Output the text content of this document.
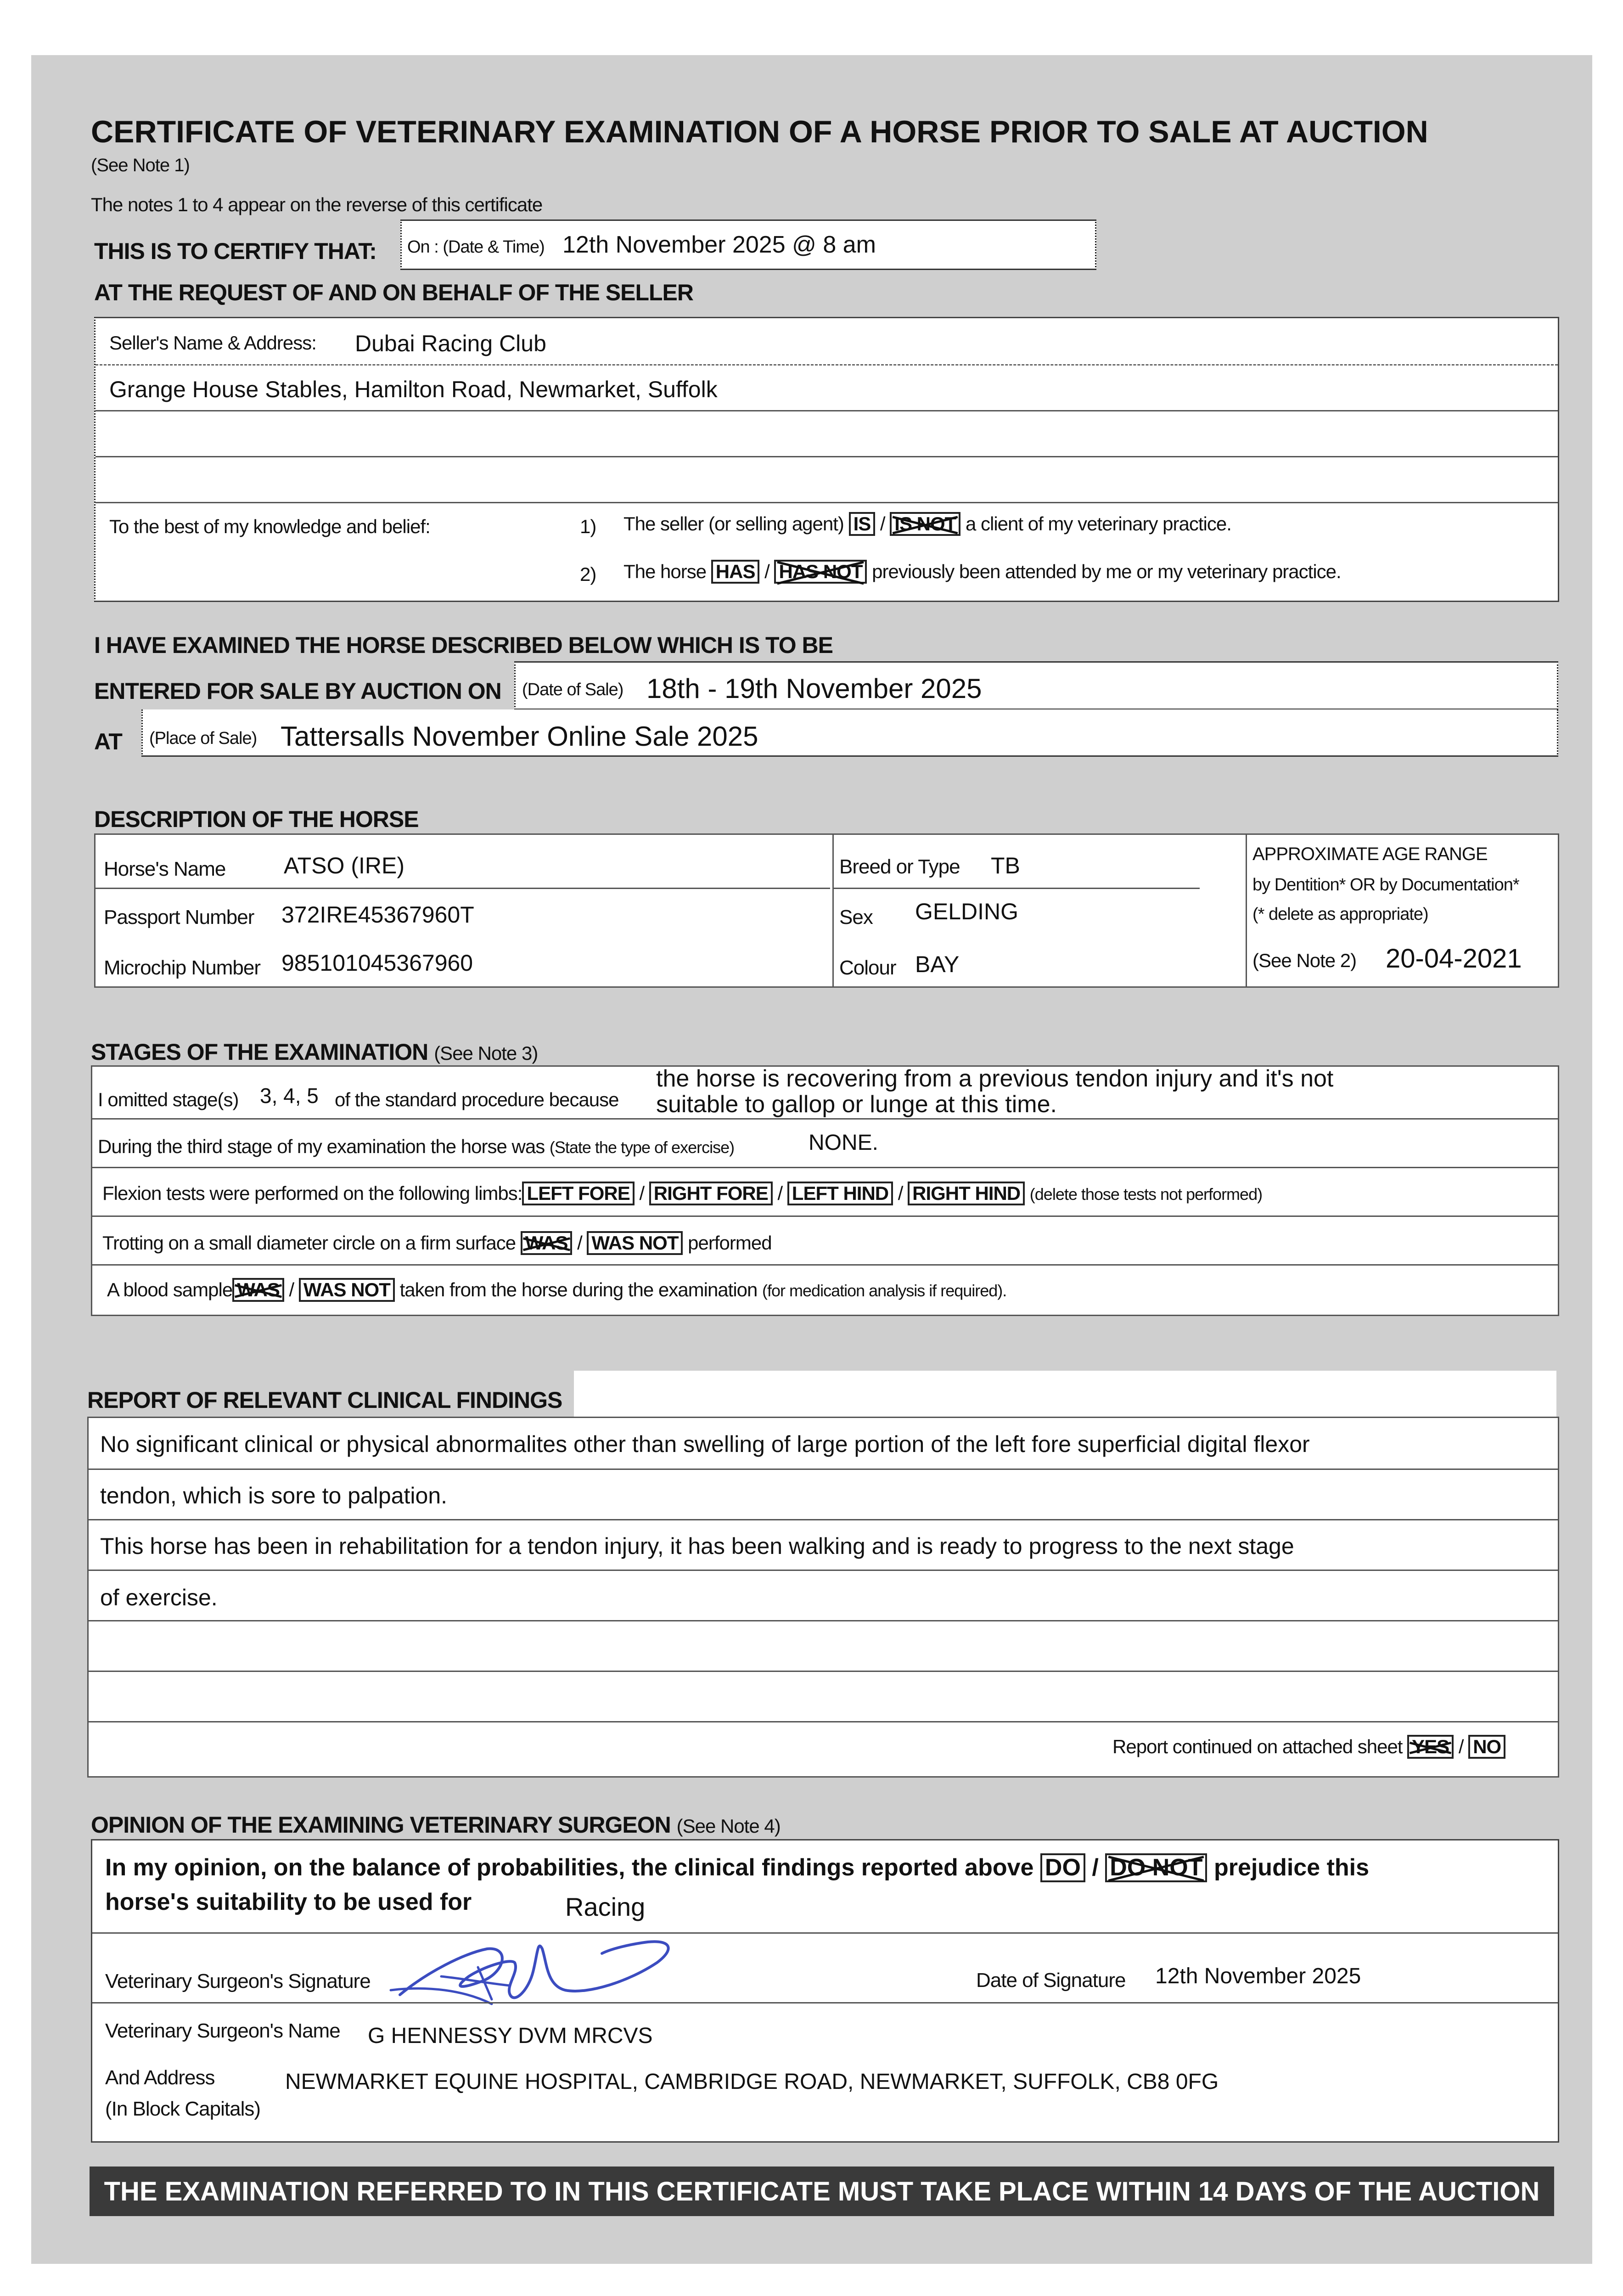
CERTIFICATE OF VETERINARY EXAMINATION OF A HORSE PRIOR TO SALE AT AUCTION
(See Note 1)
The notes 1 to 4 appear on the reverse of this certificate
THIS IS TO CERTIFY THAT: On : (Date & Time) 12th November 2025 @ 8 am
AT THE REQUEST OF AND ON BEHALF OF THE SELLER
Seller's Name & Address: Dubai Racing Club
Grange House Stables, Hamilton Road, Newmarket, Suffolk
To the best of my knowledge and belief:	1) The seller (or selling agent) IS / IS NOT a client of my veterinary practice.
2) The horse HAS / HAS NOT previously been attended by me or my veterinary practice.
I HAVE EXAMINED THE HORSE DESCRIBED BELOW WHICH IS TO BE
ENTERED FOR SALE BY AUCTION ON (Date of Sale) 18th - 19th November 2025
AT (Place of Sale) Tattersalls November Online Sale 2025
DESCRIPTION OF THE HORSE
Horse's Name	ATSO (IRE)
Passport Number 372IRE45367960T
Microchip Number 985101045367960
Breed or Type TB
Sex GELDING
Colour BAY
APPROXIMATE AGE RANGE
by Dentition* OR by Documentation*
(* delete as appropriate)
(See Note 2) 20-04-2021
STAGES OF THE EXAMINATION (See Note 3)
I omitted stage(s) 3, 4, 5 of the standard procedure because
the horse is recovering from a previous tendon injury and it's not
suitable to gallop or lunge at this time.
During the third stage of my examination the horse was (State the type of exercise)	NONE.
Flexion tests were performed on the following limbs: LEFT FORE / RIGHT FORE / LEFT HIND / RIGHT HIND (delete those tests not performed)
Trotting on a small diameter circle on a firm surface WAS / WAS NOT performed
A blood sample WAS / WAS NOT taken from the horse during the examination (for medication analysis if required).
REPORT OF RELEVANT CLINICAL FINDINGS
No significant clinical or physical abnormalites other than swelling of large portion of the left fore superficial digital flexor
tendon, which is sore to palpation.
This horse has been in rehabilitation for a tendon injury, it has been walking and is ready to progress to the next stage
of exercise.
Report continued on attached sheet YES / NO
OPINION OF THE EXAMINING VETERINARY SURGEON (See Note 4)
In my opinion, on the balance of probabilities, the clinical findings reported above DO / DO NOT prejudice this
horse's suitability to be used for	Racing
Veterinary Surgeon's Signature	Date of Signature 12th November 2025
Veterinary Surgeon's Name G HENNESSY DVM MRCVS
And Address
(In Block Capitals)
NEWMARKET EQUINE HOSPITAL, CAMBRIDGE ROAD, NEWMARKET, SUFFOLK, CB8 0FG
THE EXAMINATION REFERRED TO IN THIS CERTIFICATE MUST TAKE PLACE WITHIN 14 DAYS OF THE AUCTION
